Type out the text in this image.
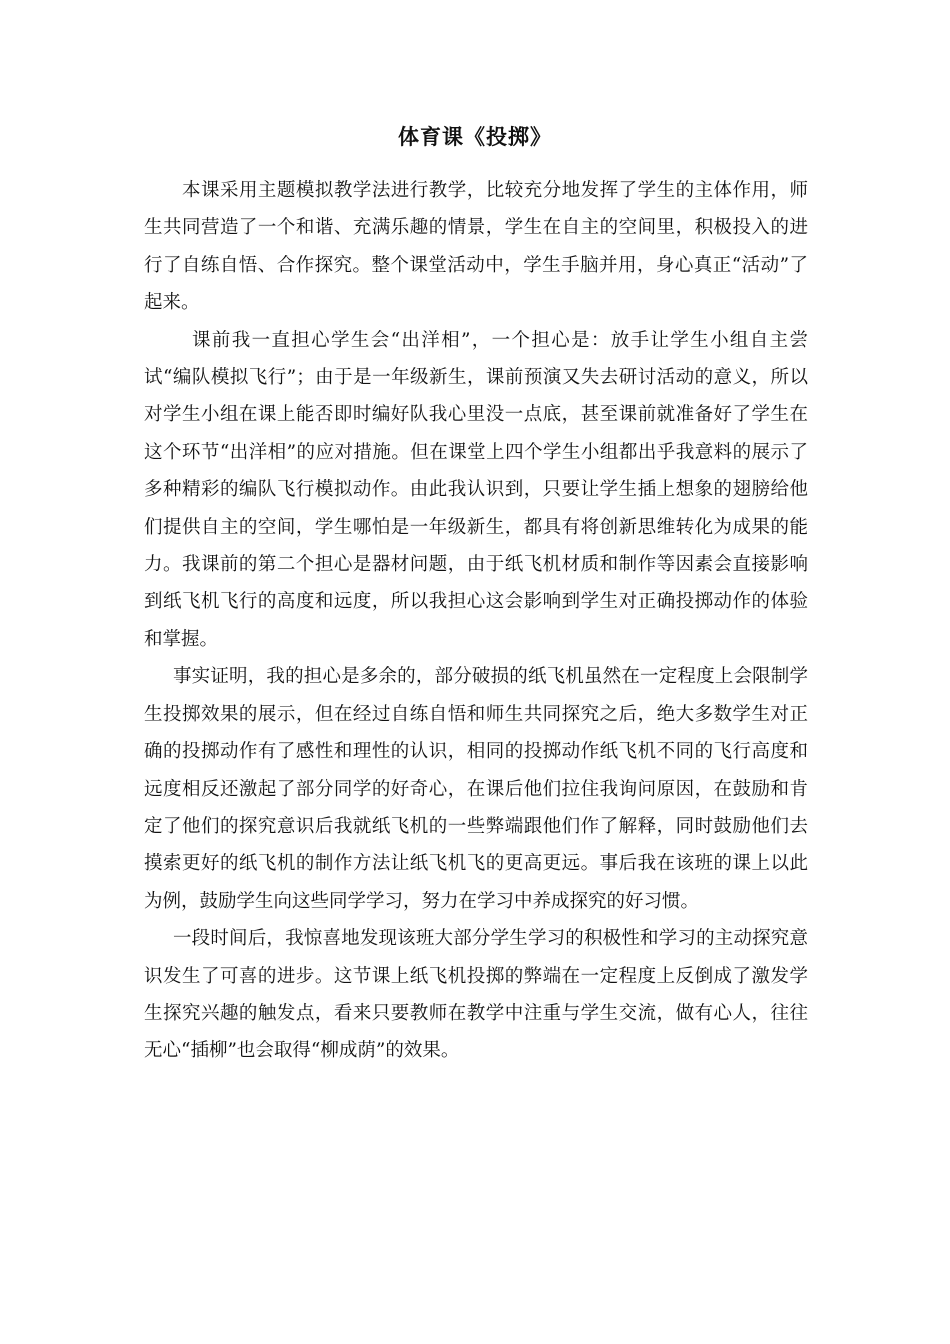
体育课《投掷》

本课采用主题模拟教学法进行教学，比较充分地发挥了学生的主体作用，师生共同营造了一个和谐、充满乐趣的情景，学生在自主的空间里，积极投入的进行了自练自悟、合作探究。整个课堂活动中，学生手脑并用，身心真正“活动”了起来。

课前我一直担心学生会“出洋相”，一个担心是：放手让学生小组自主尝试“编队模拟飞行”；由于是一年级新生，课前预演又失去研讨活动的意义，所以对学生小组在课上能否即时编好队我心里没一点底，甚至课前就准备好了学生在这个环节“出洋相”的应对措施。但在课堂上四个学生小组都出乎我意料的展示了多种精彩的编队飞行模拟动作。由此我认识到，只要让学生插上想象的翅膀给他们提供自主的空间，学生哪怕是一年级新生，都具有将创新思维转化为成果的能力。我课前的第二个担心是器材问题，由于纸飞机材质和制作等因素会直接影响到纸飞机飞行的高度和远度，所以我担心这会影响到学生对正确投掷动作的体验和掌握。

事实证明，我的担心是多余的，部分破损的纸飞机虽然在一定程度上会限制学生投掷效果的展示，但在经过自练自悟和师生共同探究之后，绝大多数学生对正确的投掷动作有了感性和理性的认识，相同的投掷动作纸飞机不同的飞行高度和远度相反还激起了部分同学的好奇心，在课后他们拉住我询问原因，在鼓励和肯定了他们的探究意识后我就纸飞机的一些弊端跟他们作了解释，同时鼓励他们去摸索更好的纸飞机的制作方法让纸飞机飞的更高更远。事后我在该班的课上以此为例，鼓励学生向这些同学学习，努力在学习中养成探究的好习惯。

一段时间后，我惊喜地发现该班大部分学生学习的积极性和学习的主动探究意识发生了可喜的进步。这节课上纸飞机投掷的弊端在一定程度上反倒成了激发学生探究兴趣的触发点，看来只要教师在教学中注重与学生交流，做有心人，往往无心“插柳”也会取得“柳成荫”的效果。
